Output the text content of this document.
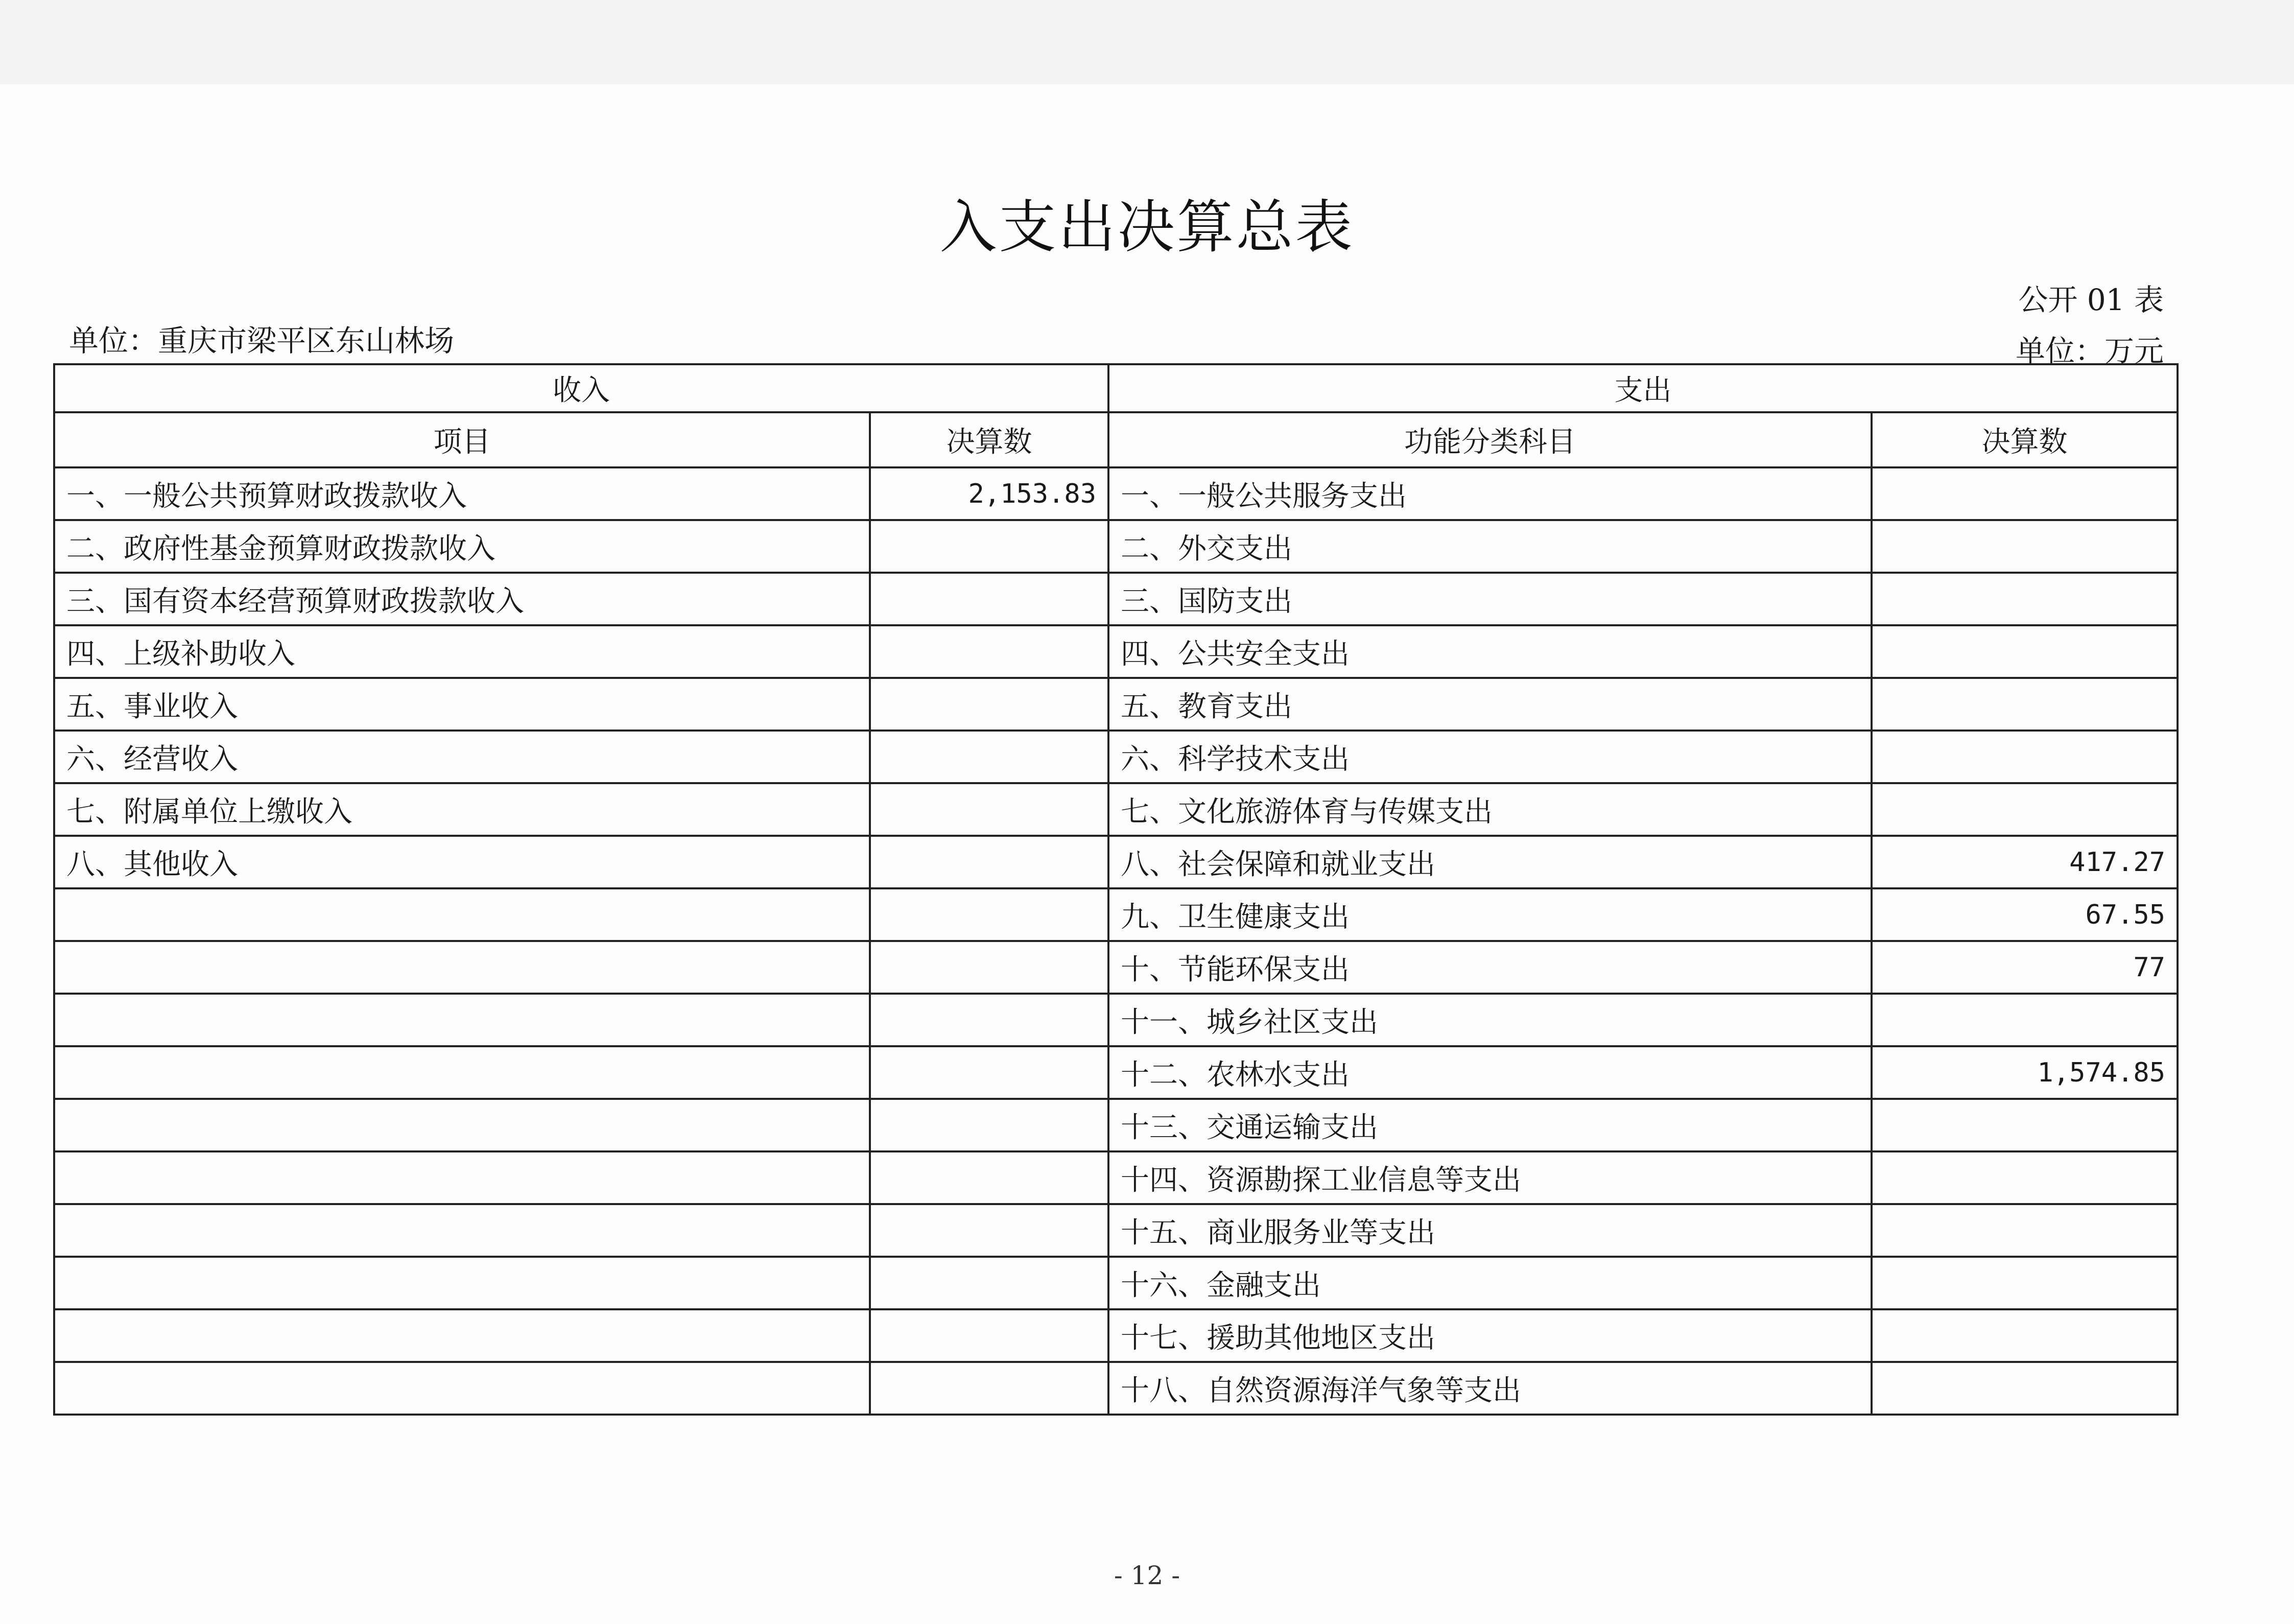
入支出决算总表
公开 01 表
单位：重庆市梁平区东山林场	单位：万元
收入		支出	
项目	决算数	功能分类科目	决算数
一、一般公共预算财政拨款收入	2,153.83	一、一般公共服务支出	
二、政府性基金预算财政拨款收入		二、外交支出	
三、国有资本经营预算财政拨款收入		三、国防支出	
四、上级补助收入		四、公共安全支出	
五、事业收入		五、教育支出	
六、经营收入		六、科学技术支出	
七、附属单位上缴收入		七、文化旅游体育与传媒支出	
八、其他收入		八、社会保障和就业支出	417.27
		九、卫生健康支出	67.55
		十、节能环保支出	77
		十一、城乡社区支出	
		十二、农林水支出	1,574.85
		十三、交通运输支出	
		十四、资源勘探工业信息等支出	
		十五、商业服务业等支出	
		十六、金融支出	
		十七、援助其他地区支出	
		十八、自然资源海洋气象等支出	
- 12 -
